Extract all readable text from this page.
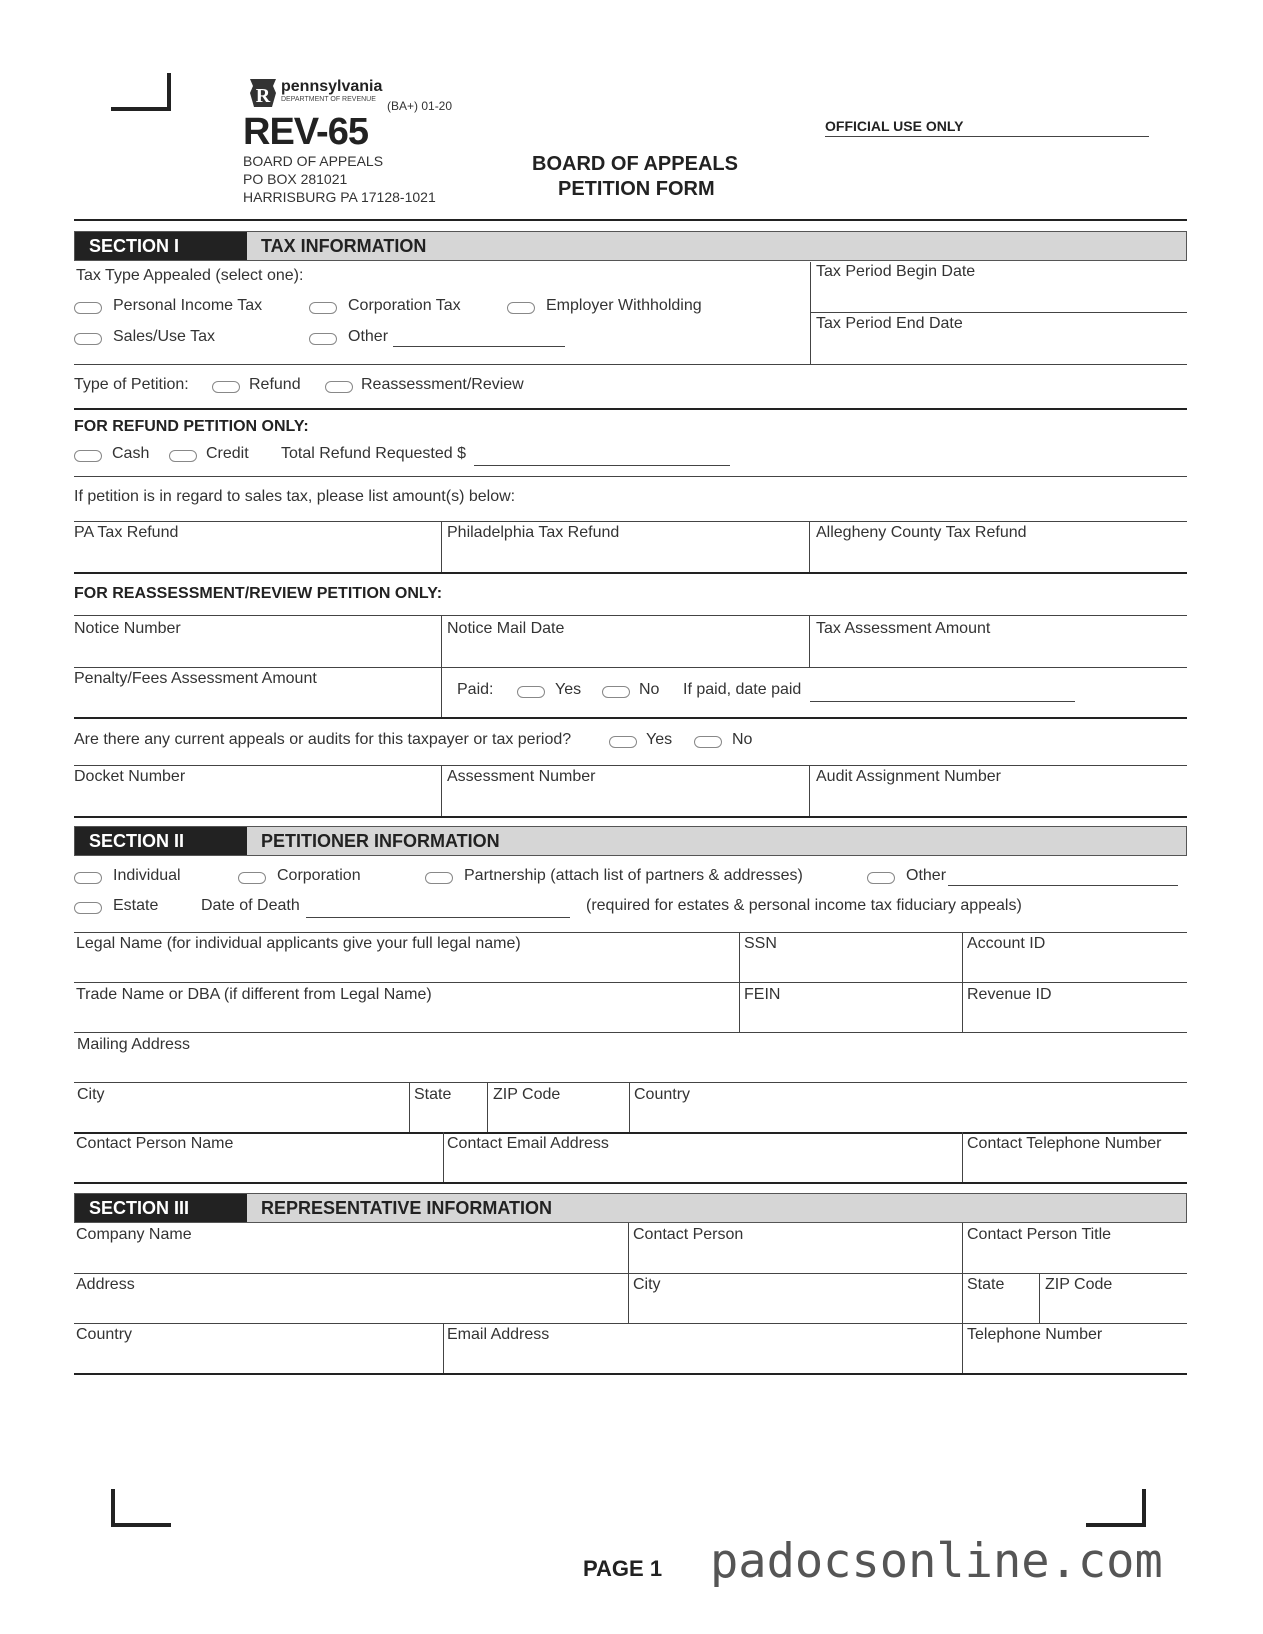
R pennsylvania
DEPARTMENT OF REVENUE (BA+) 01-20
REV-65
BOARD OF APPEALS
PO BOX 281021
HARRISBURG PA 17128-1021
BOARD OF APPEALS
PETITION FORM
OFFICIAL USE ONLY
SECTION I	TAX INFORMATION
Tax Type Appealed (select one):
Personal Income Tax	Corporation Tax	Employer Withholding
Sales/Use Tax	Other
Tax Period Begin Date
Tax Period End Date
Type of Petition:	Refund	Reassessment/Review
FOR REFUND PETITION ONLY:
Cash	Credit Total Refund Requested $
If petition is in regard to sales tax, please list amount(s) below:
PA Tax Refund	Philadelphia Tax Refund	Allegheny County Tax Refund
FOR REASSESSMENT/REVIEW PETITION ONLY:
Notice Number	Notice Mail Date	Tax Assessment Amount
Penalty/Fees Assessment Amount
Paid:	Yes	No If paid, date paid
Are there any current appeals or audits for this taxpayer or tax period?	Yes	No
Docket Number	Assessment Number	Audit Assignment Number
SECTION II	PETITIONER INFORMATION
Individual	Corporation	Partnership (attach list of partners & addresses)	Other
Estate	Date of Death	(required for estates & personal income tax fiduciary appeals)
Legal Name (for individual applicants give your full legal name)	SSN	Account ID
Trade Name or DBA (if different from Legal Name)	FEIN	Revenue ID
Mailing Address
City	State	ZIP Code	Country
Contact Person Name	Contact Email Address	Contact Telephone Number
SECTION III	REPRESENTATIVE INFORMATION
Company Name	Contact Person	Contact Person Title
Address	City	State	ZIP Code
Country	Email Address	Telephone Number
PAGE 1 padocsonline.com
